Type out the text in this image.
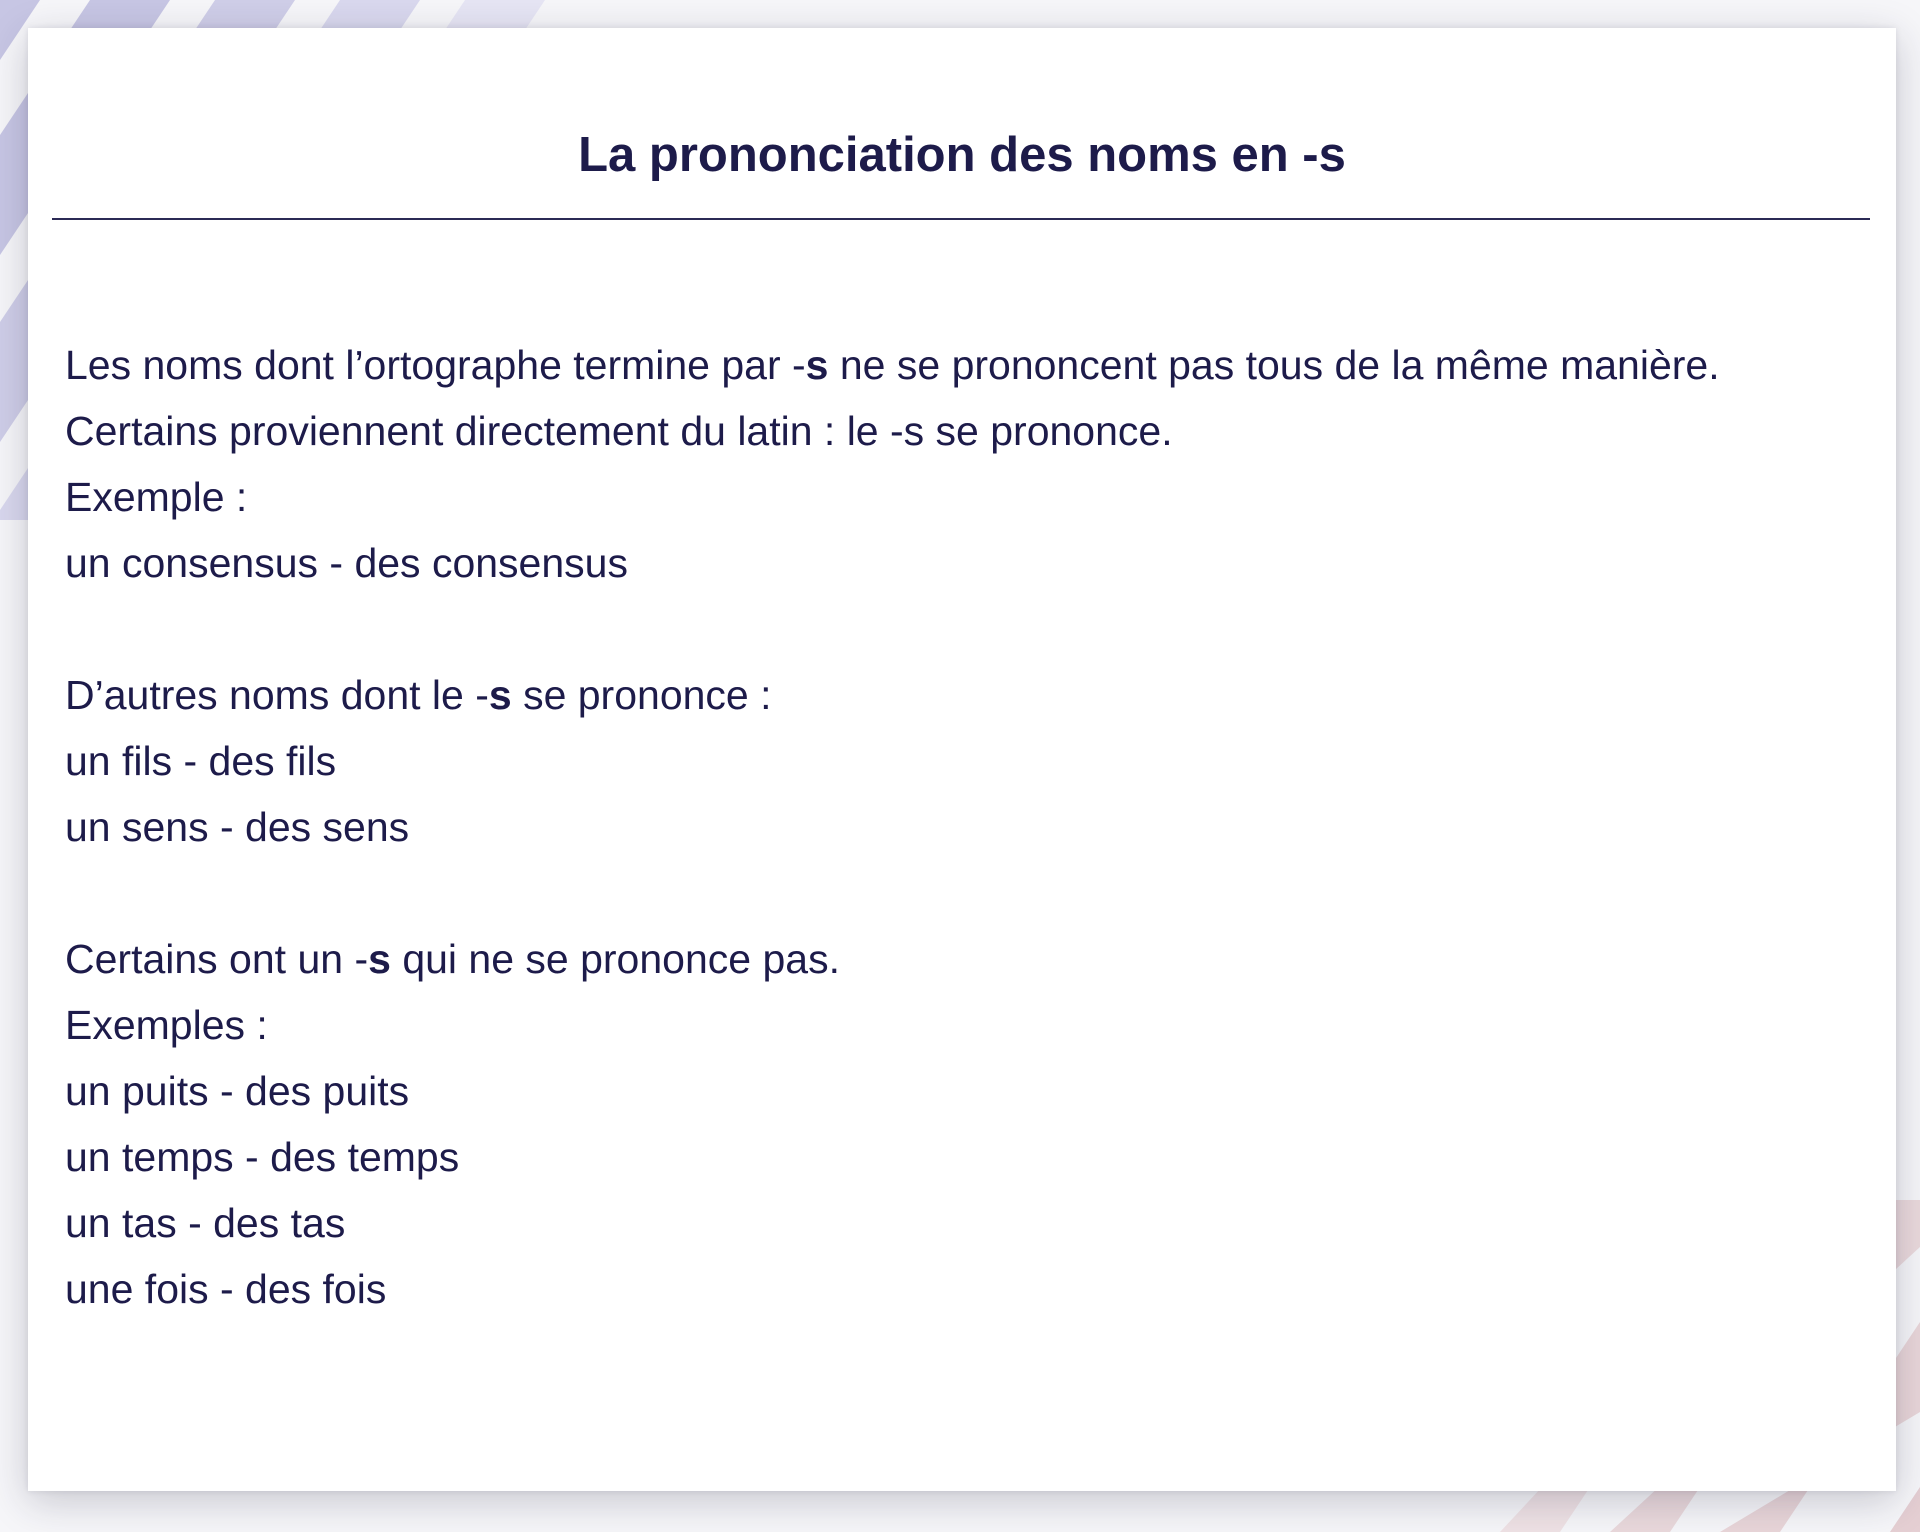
La prononciation des noms en -s

Les noms dont l’ortographe termine par -s ne se prononcent pas tous de la même manière.

Certains proviennent directement du latin : le -s se prononce.

Exemple :

un consensus - des consensus

D’autres noms dont le -s se prononce :

un fils - des fils

un sens - des sens

Certains ont un -s qui ne se prononce pas.

Exemples :

un puits - des puits

un temps - des temps

un tas - des tas

une fois - des fois
